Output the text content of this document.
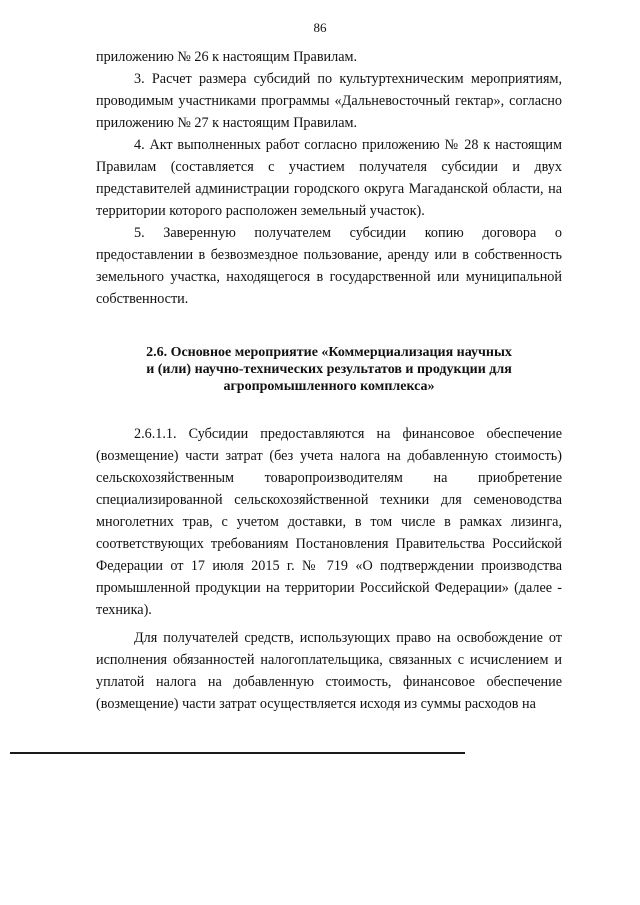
86

приложению № 26 к настоящим Правилам.

3. Расчет размера субсидий по культуртехническим мероприятиям, проводимым участниками программы «Дальневосточный гектар», согласно приложению № 27 к настоящим Правилам.

4. Акт выполненных работ согласно приложению № 28 к настоящим Правилам (составляется с участием получателя субсидии и двух представителей администрации городского округа Магаданской области, на территории которого расположен земельный участок).

5. Заверенную получателем субсидии копию договора о предоставлении в безвозмездное пользование, аренду или в собственность земельного участка, находящегося в государственной или муниципальной собственности.

2.6. Основное мероприятие «Коммерциализация научных
и (или) научно-технических результатов и продукции для
агропромышленного комплекса»

2.6.1.1. Субсидии предоставляются на финансовое обеспечение (возмещение) части затрат (без учета налога на добавленную стоимость) сельскохозяйственным товаропроизводителям на приобретение специализированной сельскохозяйственной техники для семеноводства многолетних трав, с учетом доставки, в том числе в рамках лизинга, соответствующих требованиям Постановления Правительства Российской Федерации от 17 июля 2015 г. № 719 «О подтверждении производства промышленной продукции на территории Российской Федерации» (далее - техника).

Для получателей средств, использующих право на освобождение от исполнения обязанностей налогоплательщика, связанных с исчислением и уплатой налога на добавленную стоимость, финансовое обеспечение (возмещение) части затрат осуществляется исходя из суммы расходов на
